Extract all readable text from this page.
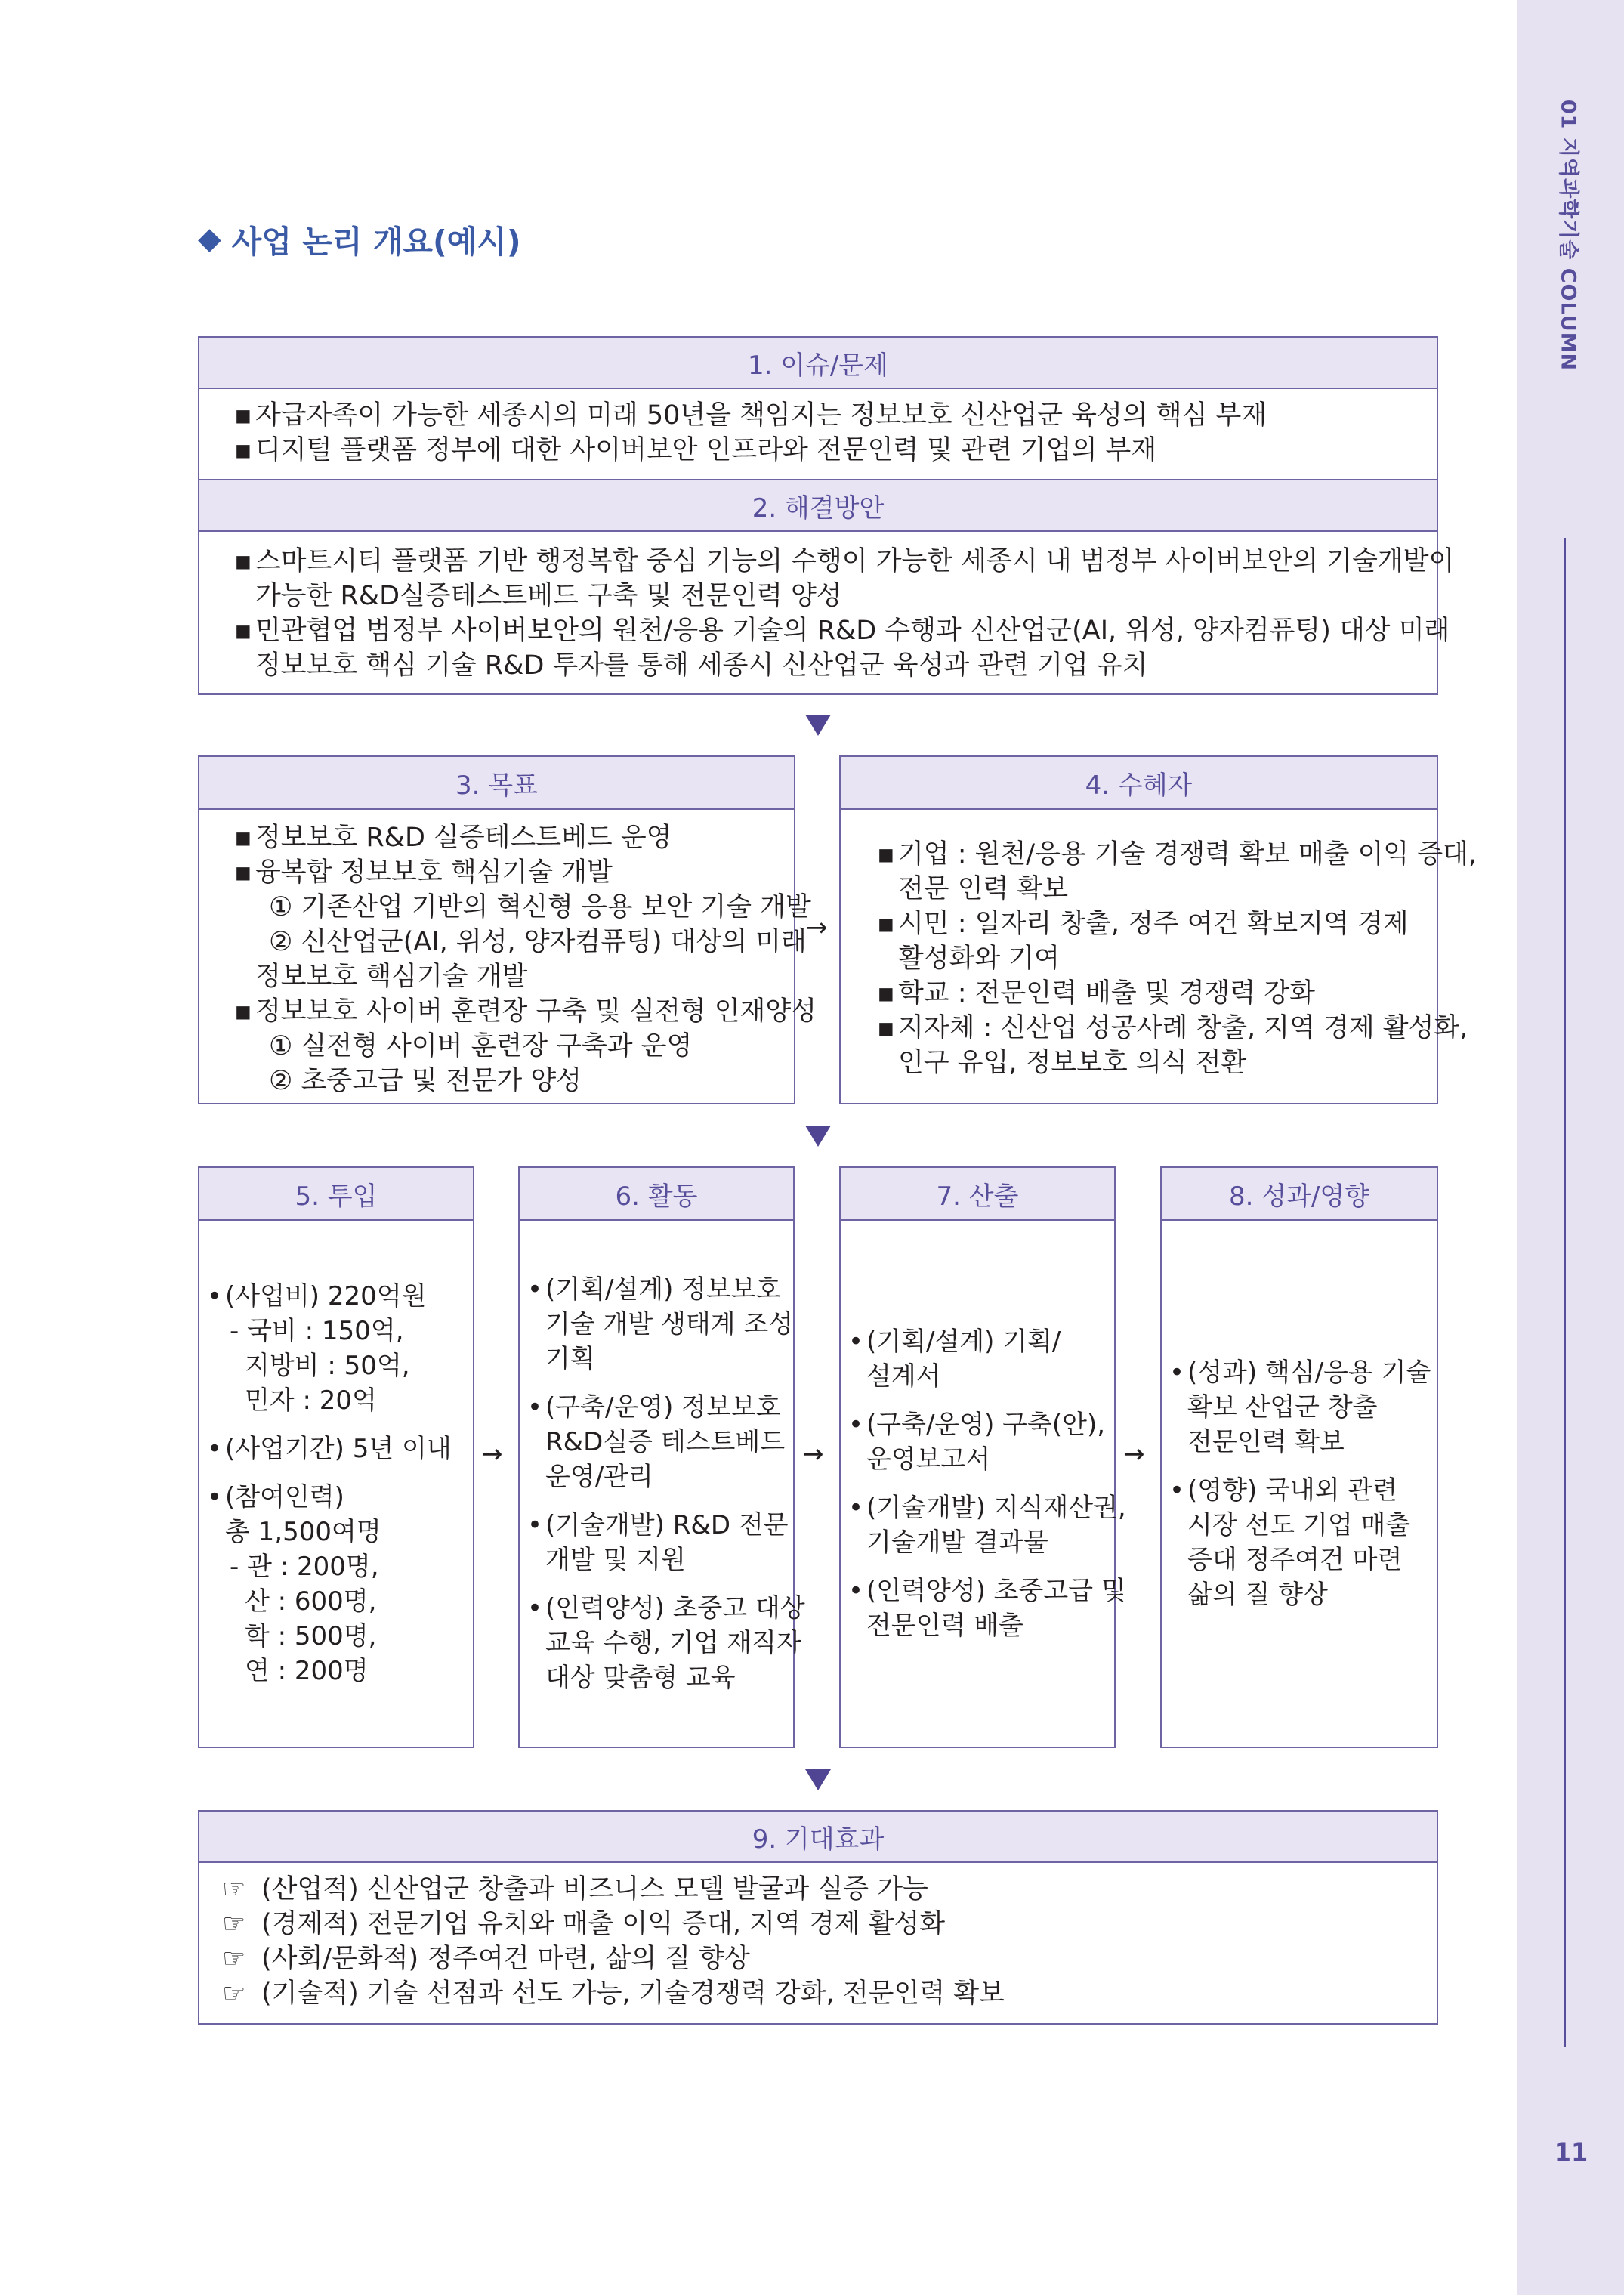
01 지역과학기술 COLUMN
11
◆ 사업 논리 개요(예시)
1. 이슈/문제
▪ 자급자족이 가능한 세종시의 미래 50년을 책임지는 정보보호 신산업군 육성의 핵심 부재
▪ 디지털 플랫폼 정부에 대한 사이버보안 인프라와 전문인력 및 관련 기업의 부재
2. 해결방안
▪ 스마트시티 플랫폼 기반 행정복합 중심 기능의 수행이 가능한 세종시 내 범정부 사이버보안의 기술개발이
가능한 R&D실증테스트베드 구축 및 전문인력 양성
▪ 민관협업 범정부 사이버보안의 원천/응용 기술의 R&D 수행과 신산업군(AI, 위성, 양자컴퓨팅) 대상 미래
정보보호 핵심 기술 R&D 투자를 통해 세종시 신산업군 육성과 관련 기업 유치
3. 목표
▪ 정보보호 R&D 실증테스트베드 운영
▪ 융복합 정보보호 핵심기술 개발
① 기존산업 기반의 혁신형 응용 보안 기술 개발
② 신산업군(AI, 위성, 양자컴퓨팅) 대상의 미래
정보보호 핵심기술 개발
▪ 정보보호 사이버 훈련장 구축 및 실전형 인재양성
① 실전형 사이버 훈련장 구축과 운영
② 초중고급 및 전문가 양성
→
4. 수혜자
▪ 기업 : 원천/응용 기술 경쟁력 확보 매출 이익 증대,
전문 인력 확보
▪ 시민 : 일자리 창출, 정주 여건 확보지역 경제
활성화와 기여
▪ 학교 : 전문인력 배출 및 경쟁력 강화
▪ 지자체 : 신산업 성공사례 창출, 지역 경제 활성화,
인구 유입, 정보보호 의식 전환
5. 투입
• (사업비) 220억원
- 국비 : 150억,
지방비 : 50억,
민자 : 20억
• (사업기간) 5년 이내
• (참여인력)
총 1,500여명
- 관 : 200명,
산 : 600명,
학 : 500명,
연 : 200명
→
6. 활동
• (기획/설계) 정보보호
기술 개발 생태계 조성
기획
• (구축/운영) 정보보호
R&D실증 테스트베드
운영/관리
• (기술개발) R&D 전문
개발 및 지원
• (인력양성) 초중고 대상
교육 수행, 기업 재직자
대상 맞춤형 교육
→
7. 산출
• (기획/설계) 기획/
설계서
• (구축/운영) 구축(안),
운영보고서
• (기술개발) 지식재산권,
기술개발 결과물
• (인력양성) 초중고급 및
전문인력 배출
→
8. 성과/영향
• (성과) 핵심/응용 기술
확보 산업군 창출
전문인력 확보
• (영향) 국내외 관련
시장 선도 기업 매출
증대 정주여건 마련
삶의 질 향상
9. 기대효과
☞ (산업적) 신산업군 창출과 비즈니스 모델 발굴과 실증 가능
☞ (경제적) 전문기업 유치와 매출 이익 증대, 지역 경제 활성화
☞ (사회/문화적) 정주여건 마련, 삶의 질 향상
☞ (기술적) 기술 선점과 선도 가능, 기술경쟁력 강화, 전문인력 확보
